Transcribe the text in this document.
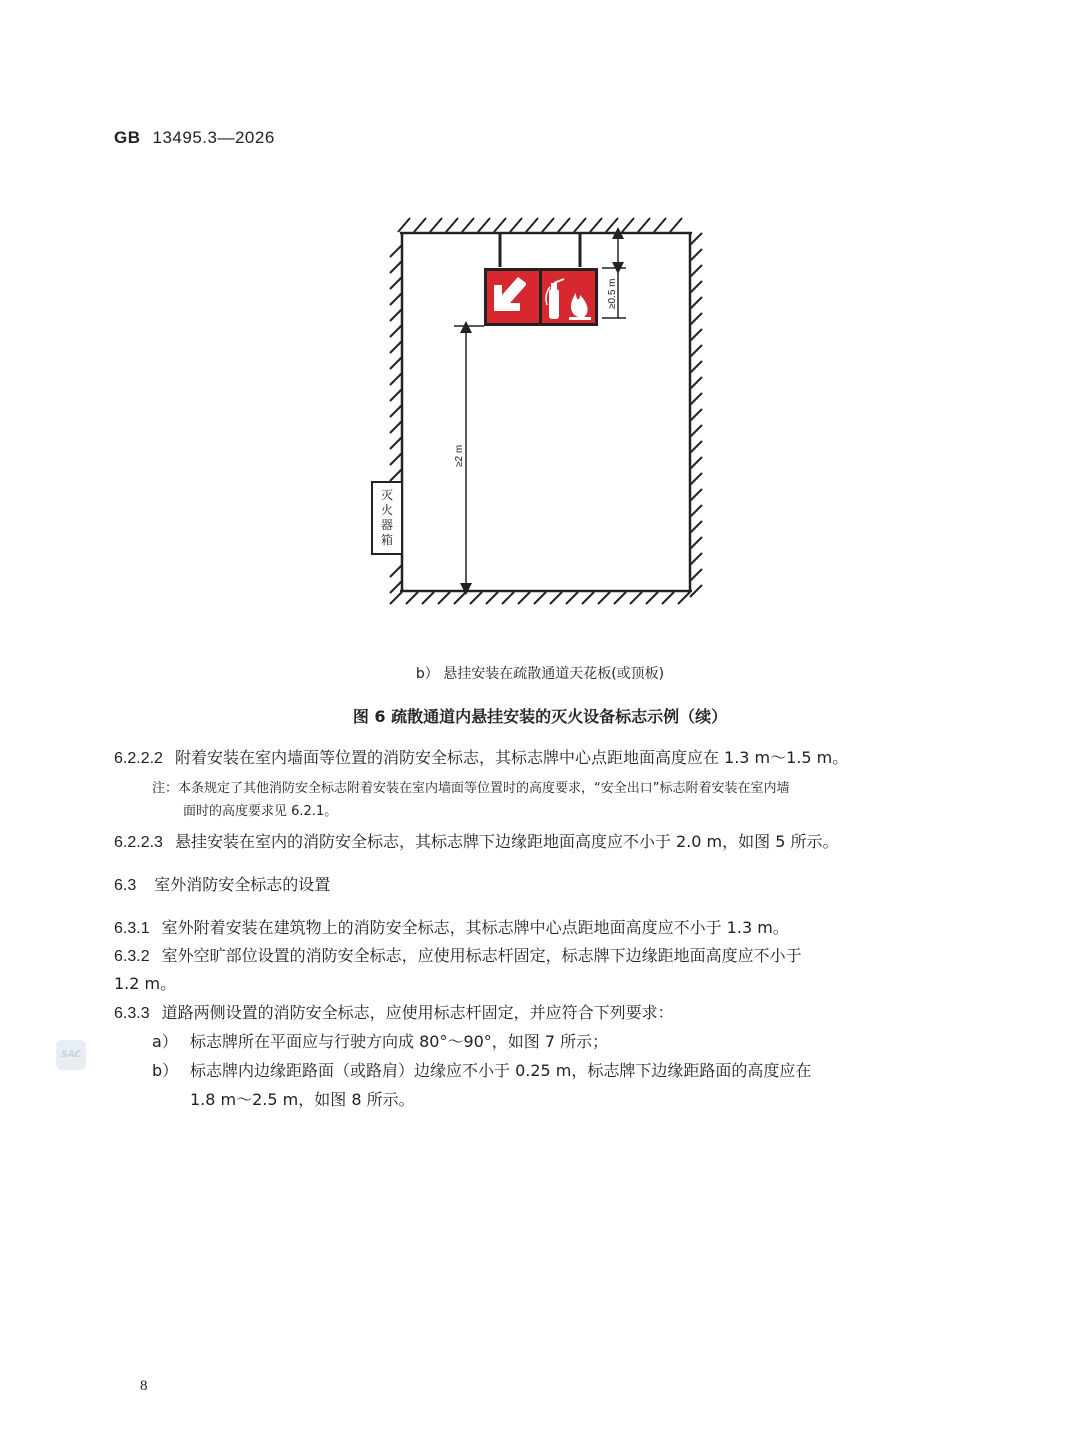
GB 13495.3—2026
≥0.5 m
≥2 m
灭
火
器
箱
b） 悬挂安装在疏散通道天花板(或顶板)
图 6 疏散通道内悬挂安装的灭火设备标志示例（续）
6.2.2.2 附着安装在室内墙面等位置的消防安全标志，其标志牌中心点距地面高度应在 1.3 m～1.5 m。
注：本条规定了其他消防安全标志附着安装在室内墙面等位置时的高度要求，“安全出口”标志附着安装在室内墙
面时的高度要求见 6.2.1。
6.2.2.3 悬挂安装在室内的消防安全标志，其标志牌下边缘距地面高度应不小于 2.0 m，如图 5 所示。
6.3 室外消防安全标志的设置
6.3.1 室外附着安装在建筑物上的消防安全标志，其标志牌中心点距地面高度应不小于 1.3 m。
6.3.2 室外空旷部位设置的消防安全标志，应使用标志杆固定，标志牌下边缘距地面高度应不小于
1.2 m。
6.3.3 道路两侧设置的消防安全标志，应使用标志杆固定，并应符合下列要求：
a） 标志牌所在平面应与行驶方向成 80°～90°，如图 7 所示；
b） 标志牌内边缘距路面（或路肩）边缘应不小于 0.25 m，标志牌下边缘距路面的高度应在
1.8 m～2.5 m，如图 8 所示。
SAC
8
